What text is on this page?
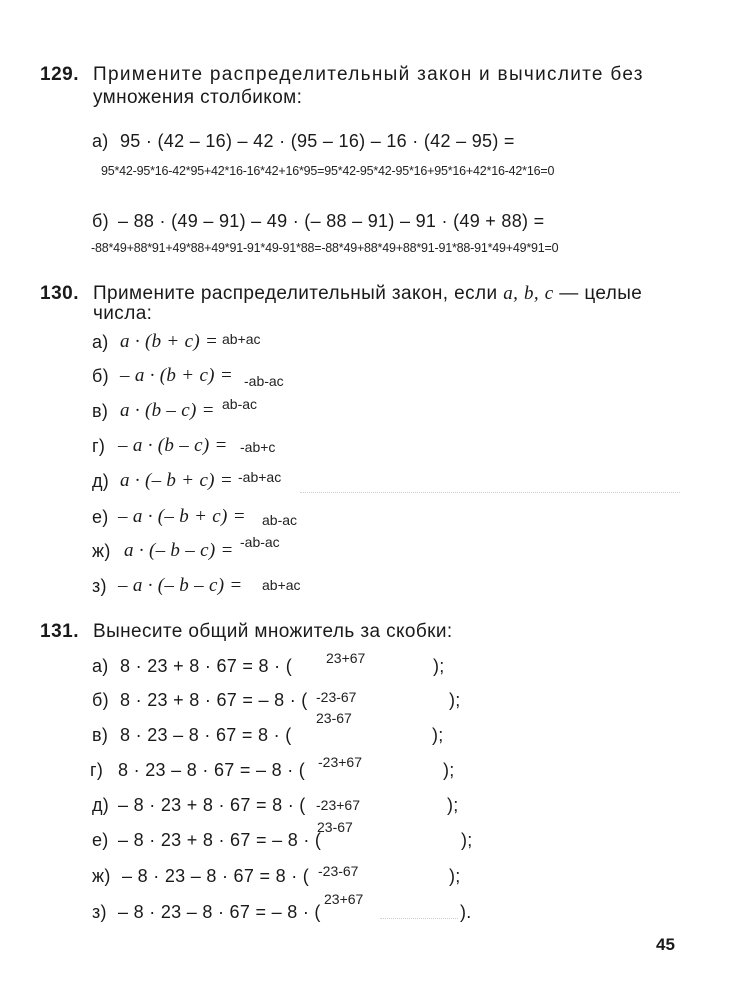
129. Примените распределительный закон и вычислите без
умножения столбиком:
а) 95 · (42 – 16) – 42 · (95 – 16) – 16 · (42 – 95) =
95*42-95*16-42*95+42*16-16*42+16*95=95*42-95*42-95*16+95*16+42*16-42*16=0
б) – 88 · (49 – 91) – 49 · (– 88 – 91) – 91 · (49 + 88) =
-88*49+88*91+49*88+49*91-91*49-91*88=-88*49+88*49+88*91-91*88-91*49+49*91=0
130. Примените распределительный закон, если a, b, c — целые
числа:
а) a · (b + c) = ab+ac
б) – a · (b + c) = -ab-ac
в) a · (b – c) = ab-ac
г) – a · (b – c) = -ab+c
д) a · (– b + c) = -ab+ac
е) – a · (– b + c) = ab-ac
ж) a · (– b – c) = -ab-ac
з) – a · (– b – c) = ab+ac
131. Вынесите общий множитель за скобки:
а) 8 · 23 + 8 · 67 = 8 · ( 23+67	);
б) 8 · 23 + 8 · 67 = – 8 · ( -23-67	);
в) 8 · 23 – 8 · 67 = 8 · (
23-67
);
г) 8 · 23 – 8 · 67 = – 8 · ( -23+67	);
д) – 8 · 23 + 8 · 67 = 8 · ( -23+67	);
е) – 8 · 23 + 8 · 67 = – 8 · (
23-67
);
ж) – 8 · 23 – 8 · 67 = 8 · ( -23-67	);
з) – 8 · 23 – 8 · 67 = – 8 · (
23+67
).
45
